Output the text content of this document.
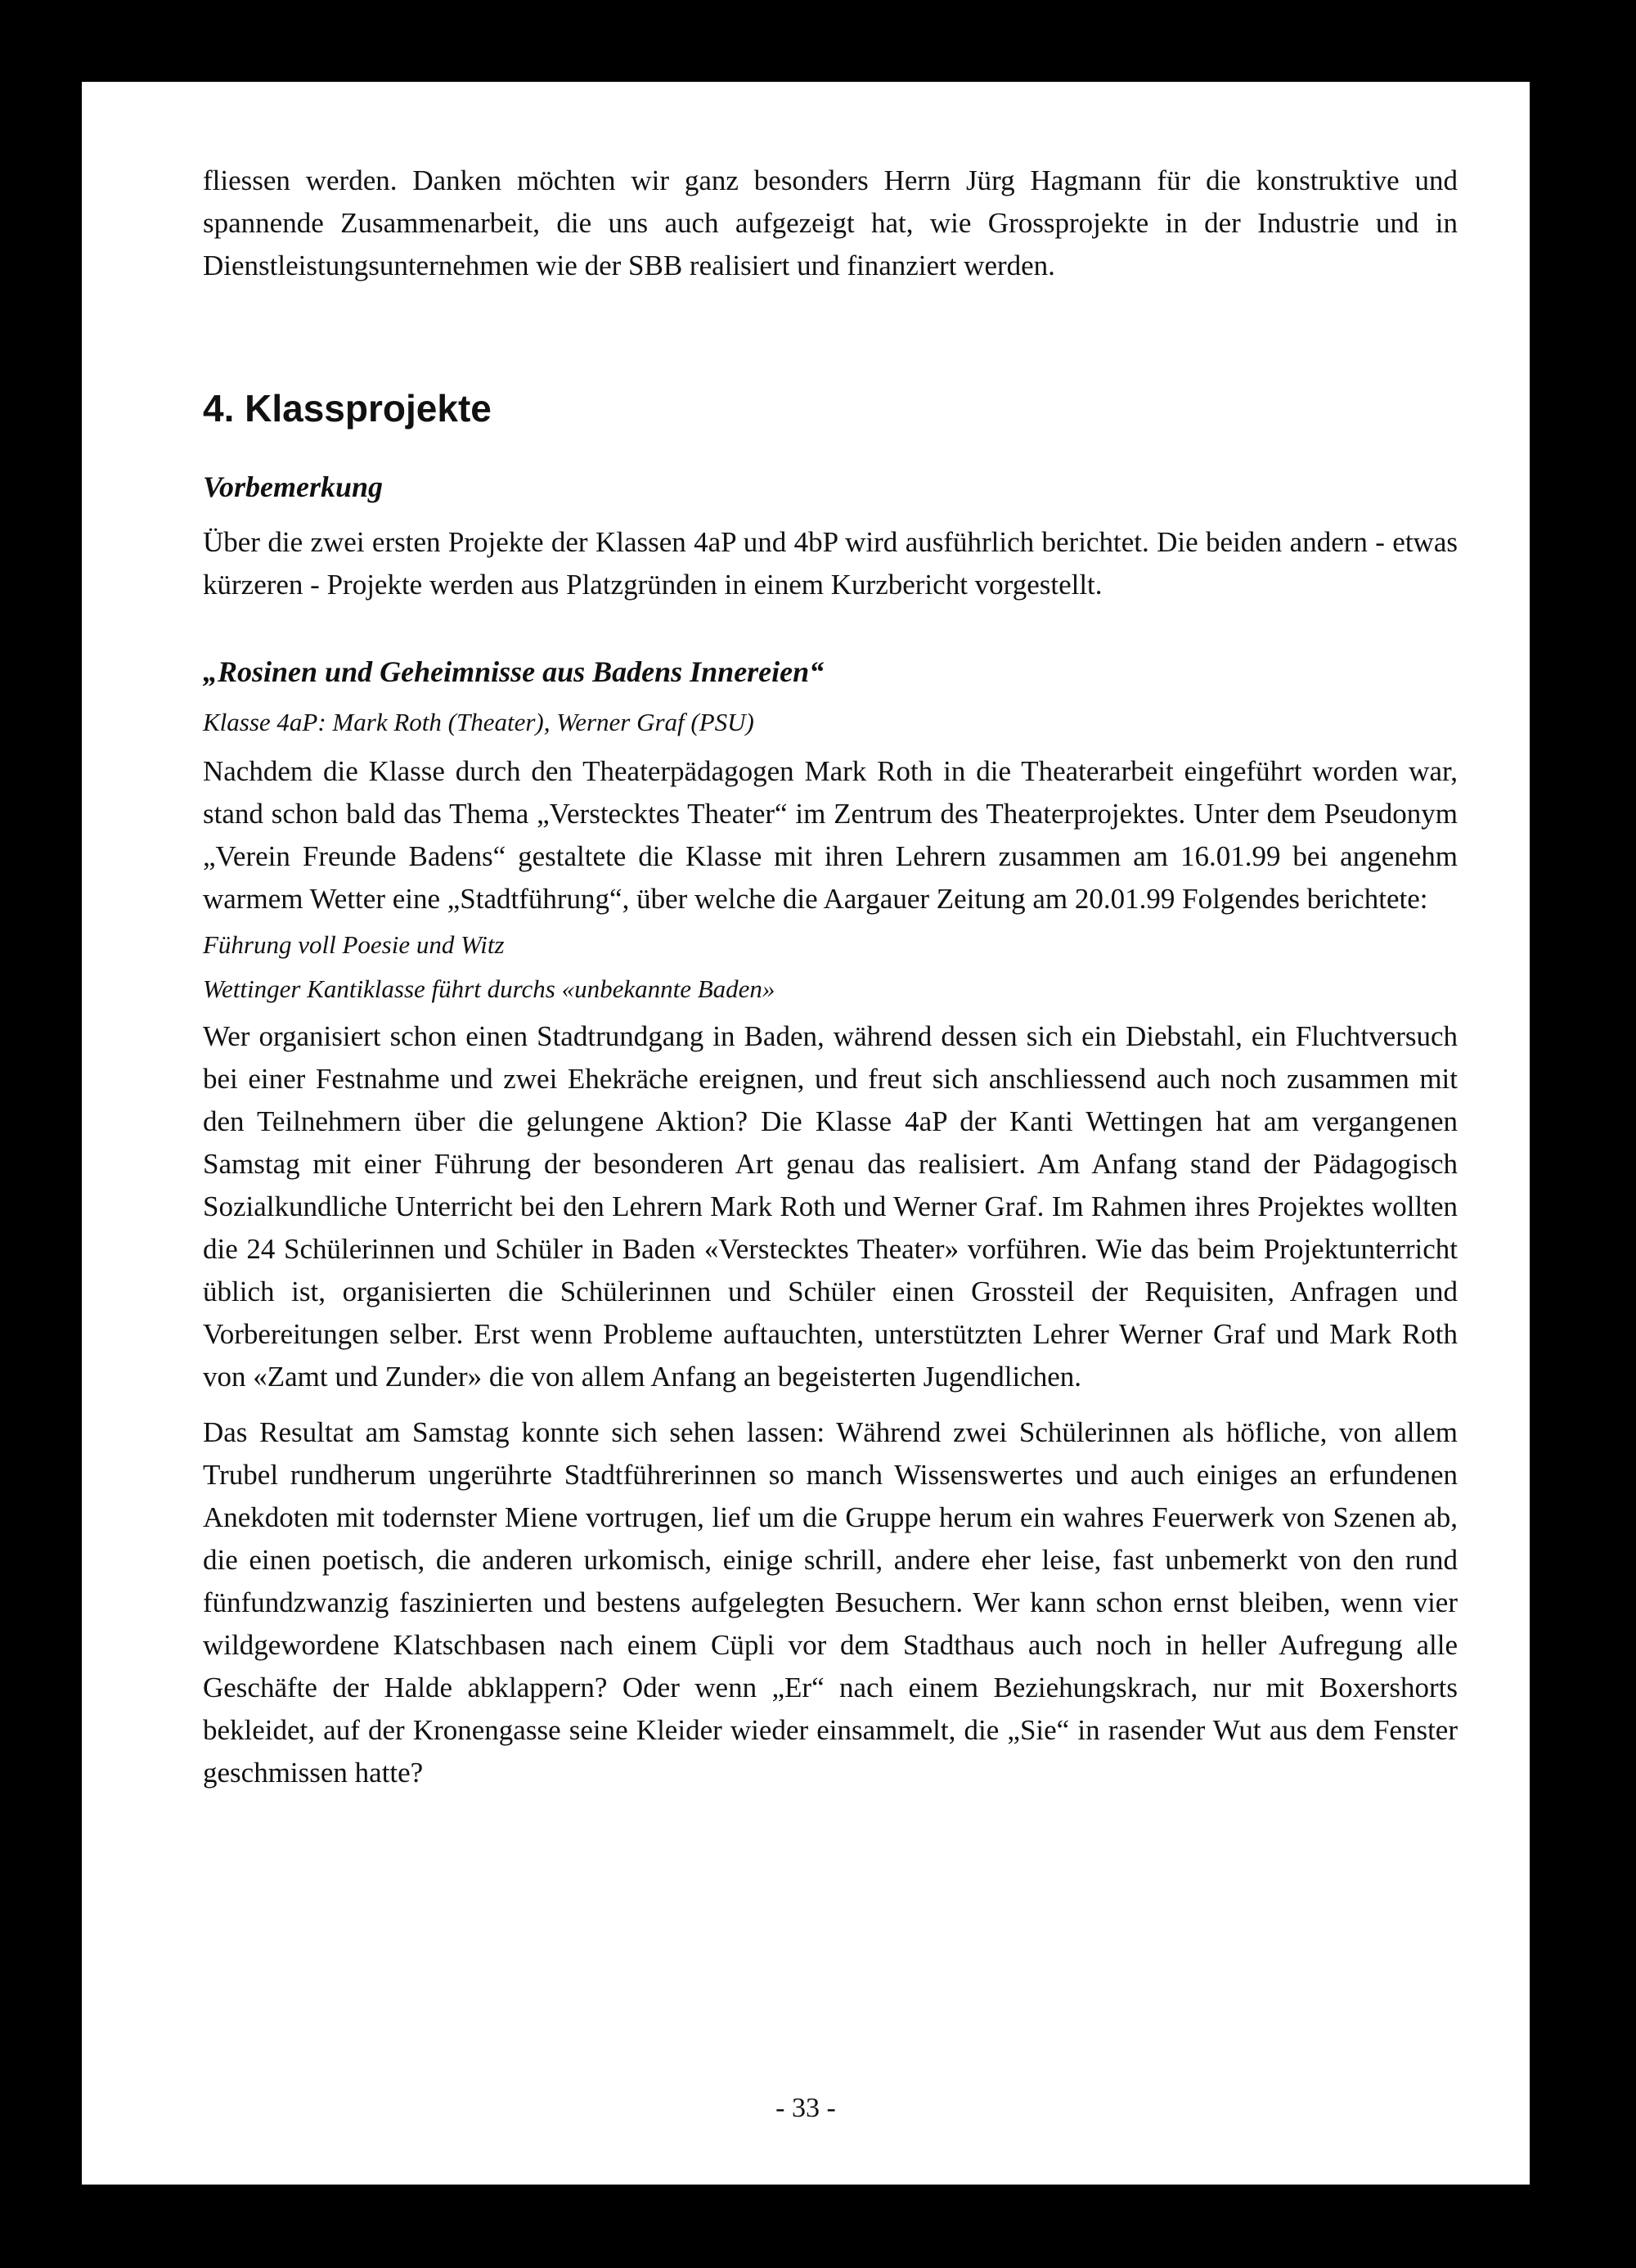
fliessen werden. Danken möchten wir ganz besonders Herrn Jürg Hagmann für die konstruktive und spannende Zusammenarbeit, die uns auch aufgezeigt hat, wie Grossprojekte in der Industrie und in Dienstleistungsunternehmen wie der SBB realisiert und finanziert werden.

4. Klassprojekte
Vorbemerkung

Über die zwei ersten Projekte der Klassen 4aP und 4bP wird ausführlich berichtet. Die beiden andern - etwas kürzeren - Projekte werden aus Platzgründen in einem Kurzbericht vorgestellt.

„Rosinen und Geheimnisse aus Badens Innereien“
Klasse 4aP: Mark Roth (Theater), Werner Graf (PSU)

Nachdem die Klasse durch den Theaterpädagogen Mark Roth in die Theaterarbeit eingeführt worden war, stand schon bald das Thema „Verstecktes Theater“ im Zentrum des Theaterprojektes. Unter dem Pseudonym „Verein Freunde Badens“ gestaltete die Klasse mit ihren Lehrern zusammen am 16.01.99 bei angenehm warmem Wetter eine „Stadtführung“, über welche die Aargauer Zeitung am 20.01.99 Folgendes berichtete:

Führung voll Poesie und Witz
Wettinger Kantiklasse führt durchs «unbekannte Baden»

Wer organisiert schon einen Stadtrundgang in Baden, während dessen sich ein Diebstahl, ein Fluchtversuch bei einer Festnahme und zwei Ehekräche ereignen, und freut sich anschliessend auch noch zusammen mit den Teilnehmern über die gelungene Aktion? Die Klasse 4aP der Kanti Wettingen hat am vergangenen Samstag mit einer Führung der besonderen Art genau das realisiert. Am Anfang stand der Pädagogisch Sozialkundliche Unterricht bei den Lehrern Mark Roth und Werner Graf. Im Rahmen ihres Projektes wollten die 24 Schülerinnen und Schüler in Baden «Verstecktes Theater» vorführen. Wie das beim Projektunterricht üblich ist, organisierten die Schülerinnen und Schüler einen Grossteil der Requisiten, Anfragen und Vorbereitungen selber. Erst wenn Probleme auftauchten, unterstützten Lehrer Werner Graf und Mark Roth von «Zamt und Zunder» die von allem Anfang an begeisterten Jugendlichen.

Das Resultat am Samstag konnte sich sehen lassen: Während zwei Schülerinnen als höfliche, von allem Trubel rundherum ungerührte Stadtführerinnen so manch Wissenswertes und auch einiges an erfundenen Anekdoten mit todernster Miene vortrugen, lief um die Gruppe herum ein wahres Feuerwerk von Szenen ab, die einen poetisch, die anderen urkomisch, einige schrill, andere eher leise, fast unbemerkt von den rund fünfundzwanzig faszinierten und bestens aufgelegten Besuchern. Wer kann schon ernst bleiben, wenn vier wildgewordene Klatschbasen nach einem Cüpli vor dem Stadthaus auch noch in heller Aufregung alle Geschäfte der Halde abklappern? Oder wenn „Er“ nach einem Beziehungskrach, nur mit Boxershorts bekleidet, auf der Kronengasse seine Kleider wieder einsammelt, die „Sie“ in rasender Wut aus dem Fenster geschmissen hatte?

- 33 -
